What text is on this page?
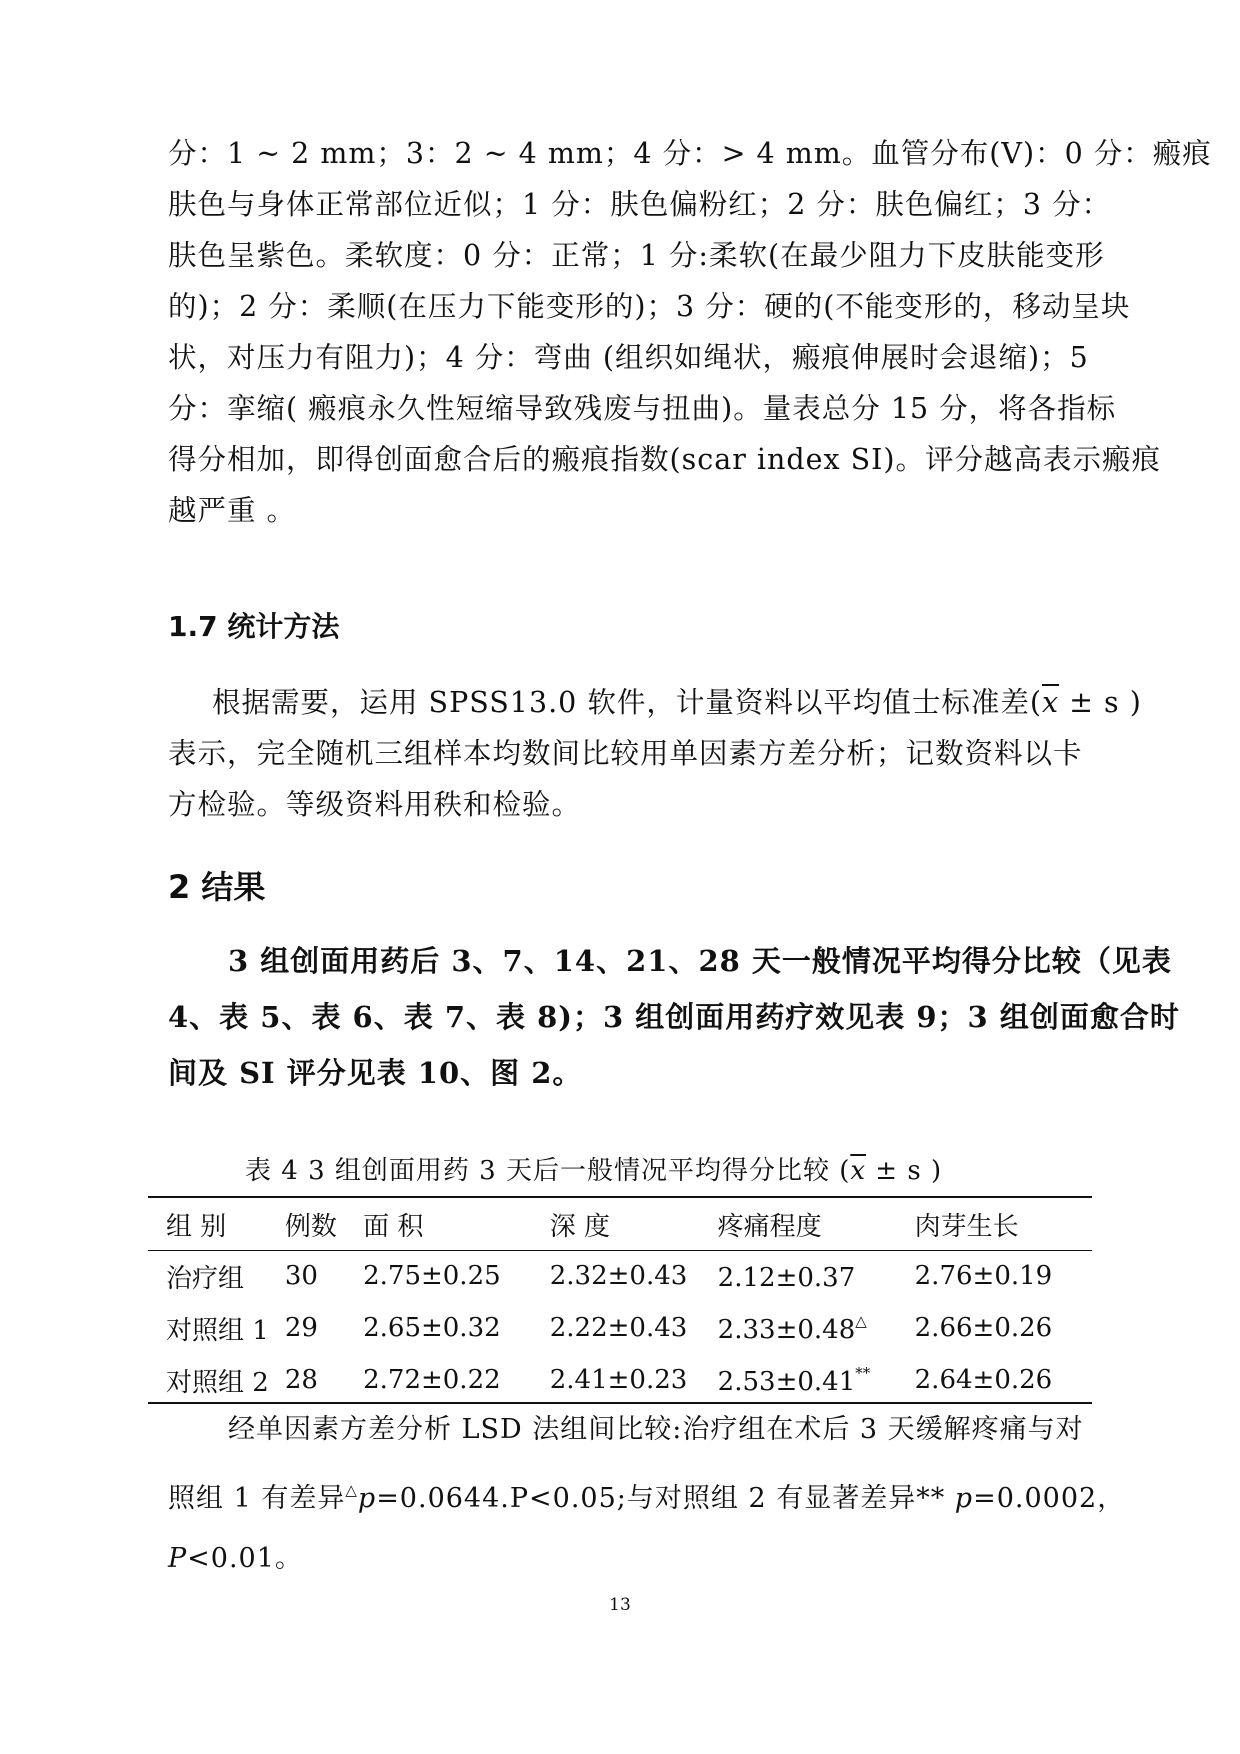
分：1 ~ 2 mm；3：2 ~ 4 mm；4 分：> 4 mm。血管分布(V)：0 分：瘢痕
肤色与身体正常部位近似；1 分：肤色偏粉红；2 分：肤色偏红；3 分：
肤色呈紫色。柔软度：0 分：正常；1 分:柔软(在最少阻力下皮肤能变形
的)；2 分：柔顺(在压力下能变形的)；3 分：硬的(不能变形的，移动呈块
状，对压力有阻力)；4 分：弯曲 (组织如绳状，瘢痕伸展时会退缩)；5
分：挛缩( 瘢痕永久性短缩导致残废与扭曲)。量表总分 15 分，将各指标
得分相加，即得创面愈合后的瘢痕指数(scar index SI)。评分越高表示瘢痕
越严重 。
1.7 统计方法
根据需要，运用 SPSS13.0 软件，计量资料以平均值士标准差($\overline{x} \pm s$ )
表示，完全随机三组样本均数间比较用单因素方差分析；记数资料以卡
方检验。等级资料用秩和检验。
2 结果
3 组创面用药后 3、7、14、21、28 天一般情况平均得分比较（见表
4、表 5、表 6、表 7、表 8)；3 组创面用药疗效见表 9；3 组创面愈合时
间及 SI 评分见表 10、图 2。
表 4 3 组创面用药 3 天后一般情况平均得分比较 ($\overline{x} \pm s$ )
组 别	例数	面 积	深 度	疼痛程度	肉芽生长
治疗组	30	2.75±0.25	2.32±0.43	2.12±0.37	2.76±0.19
对照组 1	29	2.65±0.32	2.22±0.43	2.33±0.48△	2.66±0.26
对照组 2	28	2.72±0.22	2.41±0.23	2.53±0.41**	2.64±0.26
经单因素方差分析 LSD 法组间比较:治疗组在术后 3 天缓解疼痛与对
照组 1 有差异△p=0.0644.P<0.05;与对照组 2 有显著差异** p=0.0002，
P<0.01。
13
